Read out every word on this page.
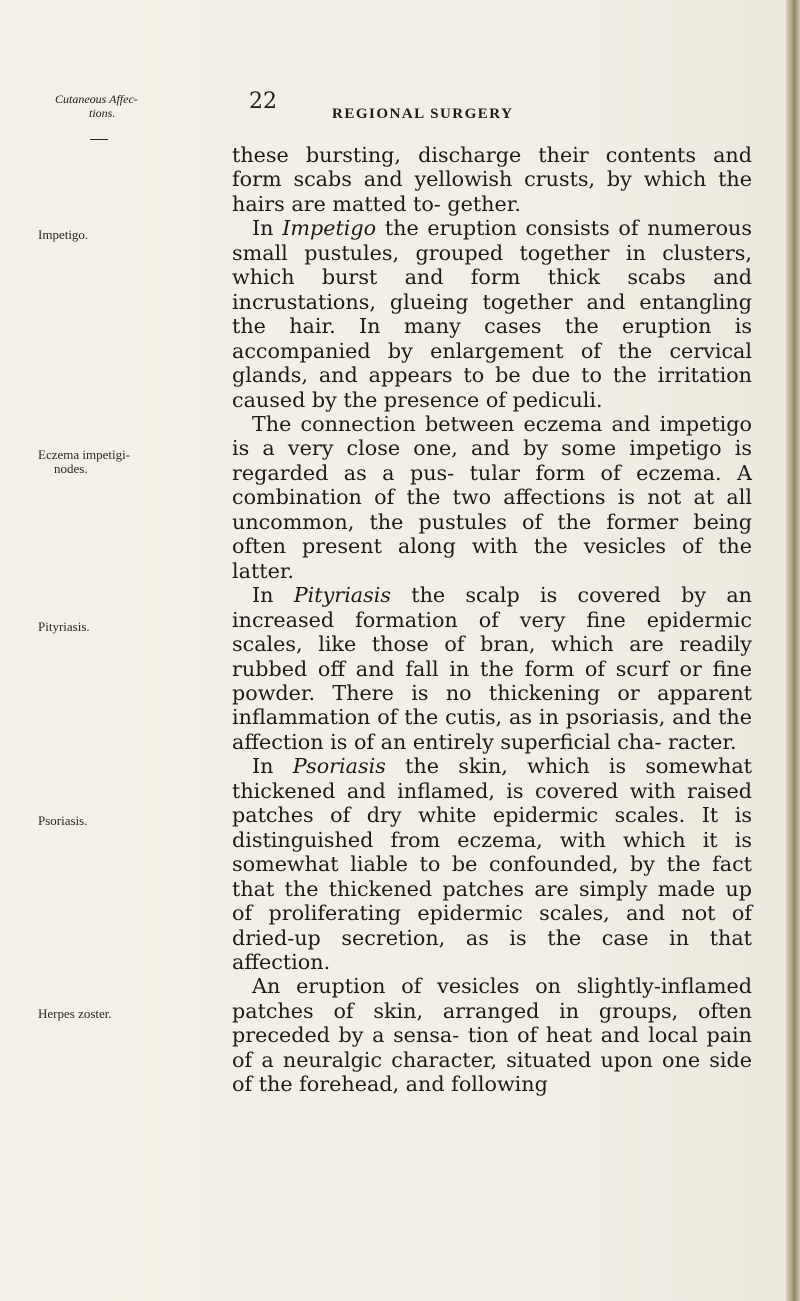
Cutaneous Affec-
tions.	22	REGIONAL SURGERY
Impetigo.
Eczema impetigi-
nodes.
Pityriasis.
Psoriasis.
Herpes zoster.

these bursting, discharge their contents and form scabs and yellowish crusts, by which the hairs are matted to- gether.

In Impetigo the eruption consists of numerous small pustules, grouped together in clusters, which burst and form thick scabs and incrustations, glueing together and entangling the hair. In many cases the eruption is accompanied by enlargement of the cervical glands, and appears to be due to the irritation caused by the presence of pediculi.

The connection between eczema and impetigo is a very close one, and by some impetigo is regarded as a pus- tular form of eczema. A combination of the two affections is not at all uncommon, the pustules of the former being often present along with the vesicles of the latter.

In Pityriasis the scalp is covered by an increased formation of very fine epidermic scales, like those of bran, which are readily rubbed off and fall in the form of scurf or fine powder. There is no thickening or apparent inflammation of the cutis, as in psoriasis, and the affection is of an entirely superficial cha- racter.

In Psoriasis the skin, which is somewhat thickened and inflamed, is covered with raised patches of dry white epidermic scales. It is distinguished from eczema, with which it is somewhat liable to be confounded, by the fact that the thickened patches are simply made up of proliferating epidermic scales, and not of dried-up secretion, as is the case in that affection.

An eruption of vesicles on slightly-inflamed patches of skin, arranged in groups, often preceded by a sensa- tion of heat and local pain of a neuralgic character, situated upon one side of the forehead, and following
